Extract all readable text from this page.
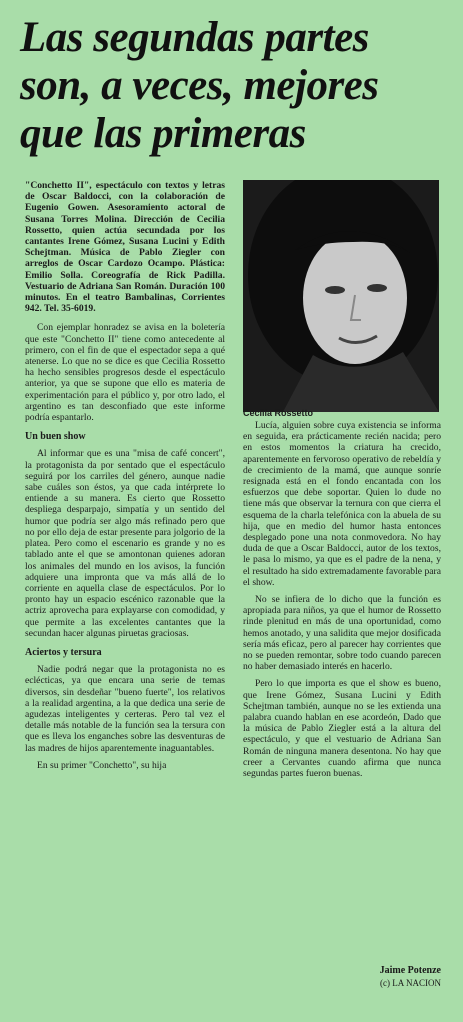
Las segundas partes son, a veces, mejores que las primeras

"Conchetto II", espectáculo con textos y letras de Oscar Baldocci, con la colaboración de Eugenio Gowen. Asesoramiento actoral de Susana Torres Molina. Dirección de Cecilia Rossetto, quien actúa secundada por los cantantes Irene Gómez, Susana Lucini y Edith Schejtman. Música de Pablo Ziegler con arreglos de Oscar Cardozo Ocampo. Plástica: Emilio Solla. Coreografía de Rick Padilla. Vestuario de Adriana San Román. Duración 100 minutos. En el teatro Bambalinas, Corrientes 942. Tel. 35-6019.

Con ejemplar honradez se avisa en la boletería que este "Conchetto II" tiene como antecedente al primero, con el fin de que el espectador sepa a qué atenerse. Lo que no se dice es que Cecilia Rossetto ha hecho sensibles progresos desde el espectáculo anterior, ya que se supone que ello es materia de experimentación para el público y, por otro lado, el argentino es tan desconfiado que este informe podría espantarlo.

Un buen show

Al informar que es una "misa de café concert", la protagonista da por sentado que el espectáculo seguirá por los carriles del género, aunque nadie sabe cuáles son éstos, ya que cada intérprete lo entiende a su manera. Es cierto que Rossetto despliega desparpajo, simpatía y un sentido del humor que podría ser algo más refinado pero que no por ello deja de estar presente para jolgorio de la platea. Pero como el escenario es grande y no es tablado ante el que se amontonan quienes adoran los animales del mundo en los avisos, la función adquiere una impronta que va más allá de lo corriente en aquella clase de espectáculos. Por lo pronto hay un espacio escénico razonable que la actriz aprovecha para explayarse con comodidad, y que permite a las excelentes cantantes que la secundan hacer algunas piruetas graciosas.

Aciertos y tersura

Nadie podrá negar que la protagonista no es eclécticas, ya que encara una serie de temas diversos, sin desdeñar "bueno fuerte", los relativos a la realidad argentina, a la que dedica una serie de agudezas inteligentes y certeras. Pero tal vez el detalle más notable de la función sea la tersura con que es lleva los enganches sobre las desventuras de las madres de hijos aparentemente inaguantables.

En su primer "Conchetto", su hija

Cecilia Rossetto

Lucía, alguien sobre cuya existencia se informa en seguida, era prácticamente recién nacida; pero en estos momentos la criatura ha crecido, aparentemente en fervoroso operativo de rebeldía y de crecimiento de la mamá, que aunque sonríe resignada está en el fondo encantada con los esfuerzos que debe soportar. Quien lo dude no tiene más que observar la ternura con que cierra el esquema de la charla telefónica con la abuela de su hija, que en medio del humor hasta entonces desplegado pone una nota conmovedora. No hay duda de que a Oscar Baldocci, autor de los textos, le pasa lo mismo, ya que es el padre de la nena, y el resultado ha sido extremadamente favorable para el show.

No se infiera de lo dicho que la función es apropiada para niños, ya que el humor de Rossetto rinde plenitud en más de una oportunidad, como hemos anotado, y una salidita que mejor dosificada sería más eficaz, pero al parecer hay corrientes que no se pueden remontar, sobre todo cuando parecen no haber demasiado interés en hacerlo.

Pero lo que importa es que el show es bueno, que Irene Gómez, Susana Lucini y Edith Schejtman también, aunque no se les extienda una palabra cuando hablan en ese acordeón, Dado que la música de Pablo Ziegler está a la altura del espectáculo, y que el vestuario de Adriana San Román de ninguna manera desentona. No hay que creer a Cervantes cuando afirma que nunca segundas partes fueron buenas.

Jaime Potenze
(c) LA NACION
